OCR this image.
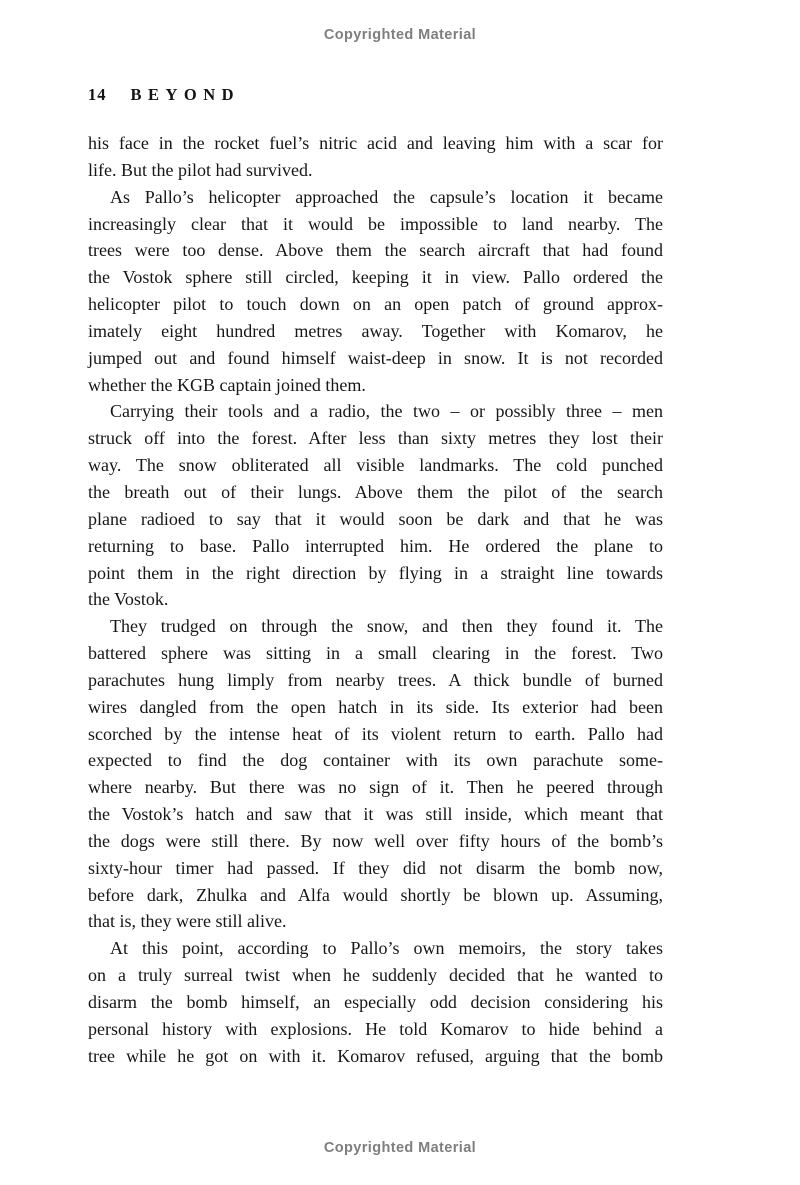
Copyrighted Material
14 BEYOND
his face in the rocket fuel’s nitric acid and leaving him with a scar for
life. But the pilot had survived.
As Pallo’s helicopter approached the capsule’s location it became
increasingly clear that it would be impossible to land nearby. The
trees were too dense. Above them the search aircraft that had found
the Vostok sphere still circled, keeping it in view. Pallo ordered the
helicopter pilot to touch down on an open patch of ground approx-
imately eight hundred metres away. Together with Komarov, he
jumped out and found himself waist-deep in snow. It is not recorded
whether the KGB captain joined them.
Carrying their tools and a radio, the two – or possibly three – men
struck off into the forest. After less than sixty metres they lost their
way. The snow obliterated all visible landmarks. The cold punched
the breath out of their lungs. Above them the pilot of the search
plane radioed to say that it would soon be dark and that he was
returning to base. Pallo interrupted him. He ordered the plane to
point them in the right direction by flying in a straight line towards
the Vostok.
They trudged on through the snow, and then they found it. The
battered sphere was sitting in a small clearing in the forest. Two
parachutes hung limply from nearby trees. A thick bundle of burned
wires dangled from the open hatch in its side. Its exterior had been
scorched by the intense heat of its violent return to earth. Pallo had
expected to find the dog container with its own parachute some-
where nearby. But there was no sign of it. Then he peered through
the Vostok’s hatch and saw that it was still inside, which meant that
the dogs were still there. By now well over fifty hours of the bomb’s
sixty-hour timer had passed. If they did not disarm the bomb now,
before dark, Zhulka and Alfa would shortly be blown up. Assuming,
that is, they were still alive.
At this point, according to Pallo’s own memoirs, the story takes
on a truly surreal twist when he suddenly decided that he wanted to
disarm the bomb himself, an especially odd decision considering his
personal history with explosions. He told Komarov to hide behind a
tree while he got on with it. Komarov refused, arguing that the bomb
Copyrighted Material
